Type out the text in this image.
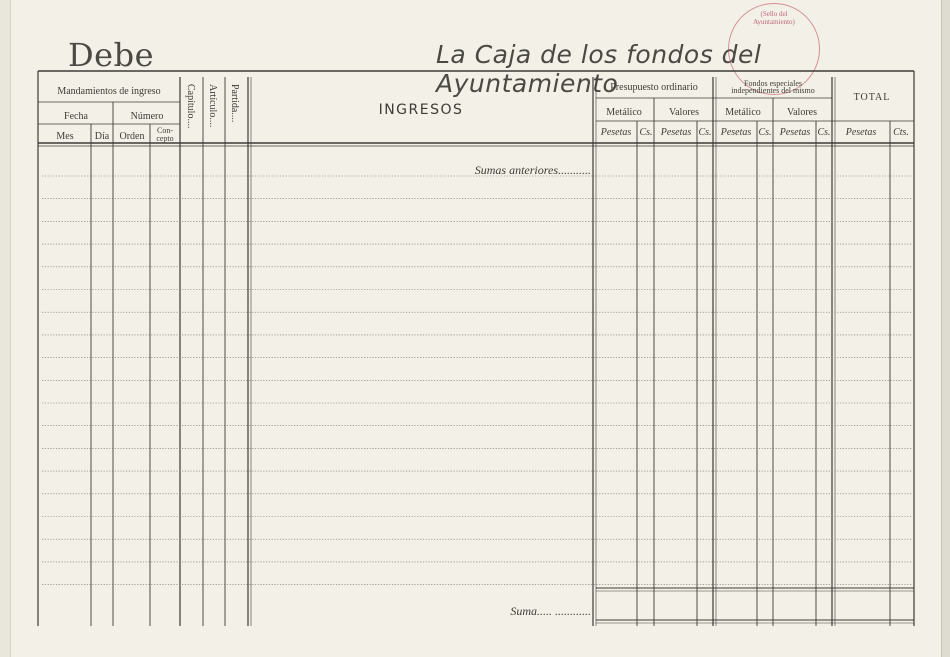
Debe	La Caja de los fondos del Ayuntamiento
(Sello del
Ayuntamiento)
Mandamientos de ingreso
Fecha	Número
Mes Día Orden
Con-
cepto
Capítulo.... Artículo.... Partida....	INGRESOS
Presupuesto ordinario	Fondos especiales
independientes del mismo
TOTAL
Metálico	Valores	Metálico	Valores
Pesetas Cs. Pesetas Cs. Pesetas Cs. Pesetas Cs. Pesetas Cts.
Sumas anteriores...........
Suma..... ............
